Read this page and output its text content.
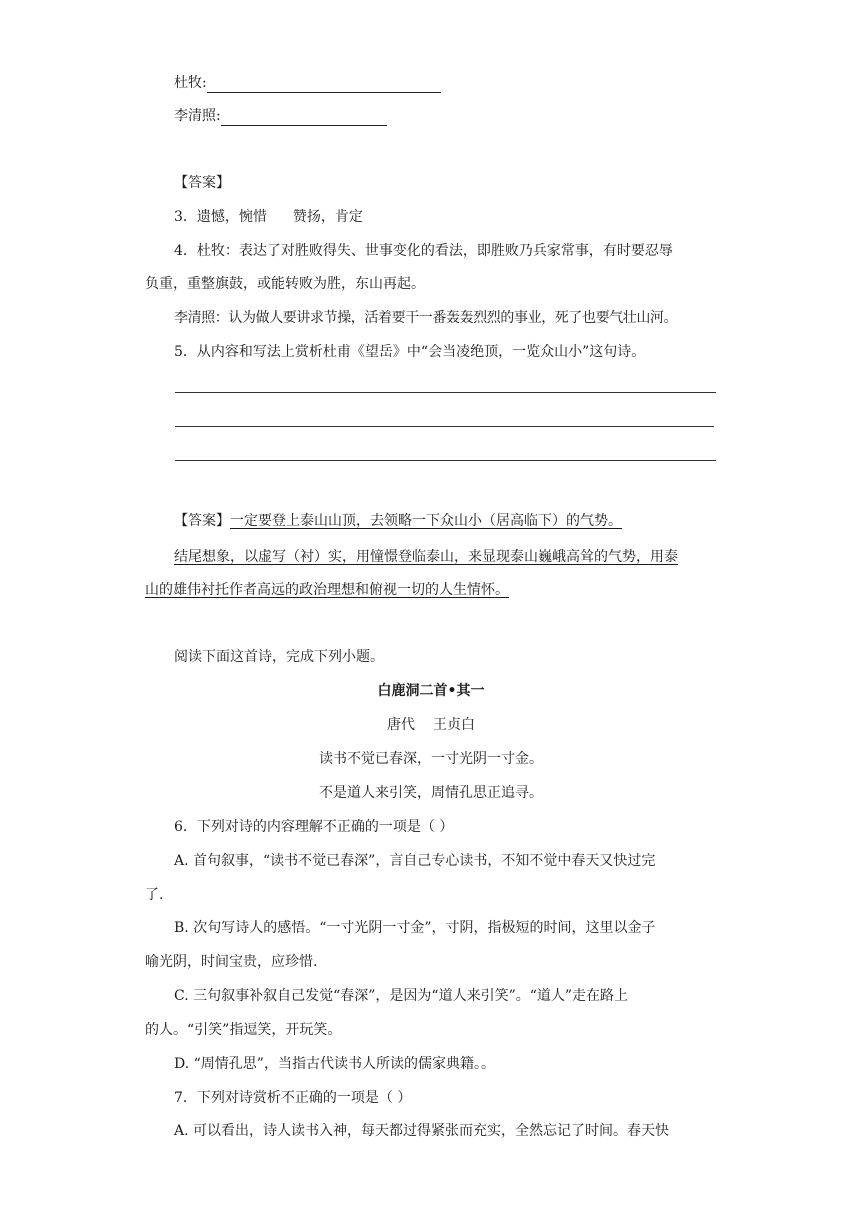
杜牧:
李清照:
【答案】
3．遗憾，惋惜 赞扬，肯定
4．杜牧：表达了对胜败得失、世事变化的看法，即胜败乃兵家常事，有时要忍辱
负重，重整旗鼓，或能转败为胜，东山再起。
李清照：认为做人要讲求节操，活着要干一番轰轰烈烈的事业，死了也要气壮山河。
5．从内容和写法上赏析杜甫《望岳》中“会当凌绝顶，一览众山小”这句诗。
【答案】一定要登上泰山山顶，去领略一下众山小（居高临下）的气势。
结尾想象，以虚写（衬）实，用憧憬登临泰山，来显现泰山巍峨高耸的气势，用泰
山的雄伟衬托作者高远的政治理想和俯视一切的人生情怀。
阅读下面这首诗，完成下列小题。
白鹿洞二首•其一
唐代 王贞白
读书不觉已春深，一寸光阴一寸金。
不是道人来引笑，周情孔思正追寻。
6．下列对诗的内容理解不正确的一项是（ ）
A. 首句叙事，“读书不觉已春深”，言自己专心读书，不知不觉中春天又快过完
了.
B. 次句写诗人的感悟。“一寸光阴一寸金”，寸阴，指极短的时间，这里以金子
喻光阴，时间宝贵，应珍惜.
C. 三句叙事补叙自己发觉“春深”，是因为“道人来引笑”。“道人”走在路上
的人。“引笑”指逗笑，开玩笑。
D. “周情孔思”，当指古代读书人所读的儒家典籍。。
7．下列对诗赏析不正确的一项是（ ）
A. 可以看出，诗人读书入神，每天都过得紧张而充实，全然忘记了时间。春天快
